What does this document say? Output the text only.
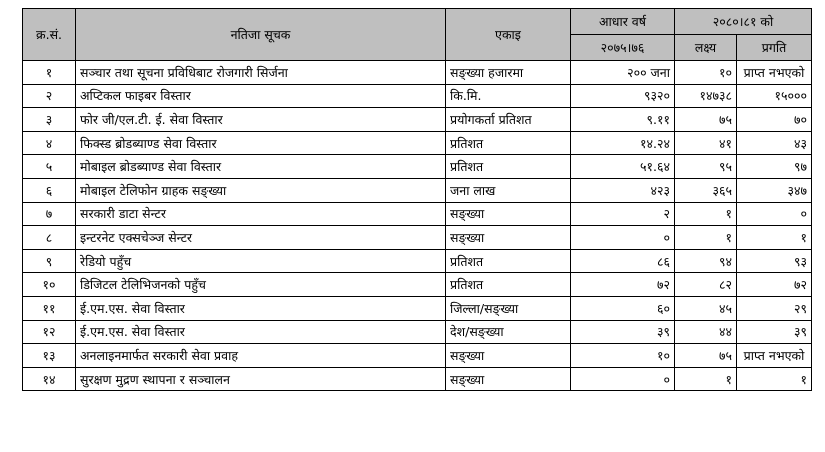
क्र.सं.	नतिजा सूचक	एकाइ	आधार वर्ष	२०८०।८१ को	
			२०७५।७६	लक्ष्य	प्रगति
१	सञ्चार तथा सूचना प्रविधिबाट रोजगारी सिर्जना	सङ्ख्या हजारमा	२०० जना	१०	प्राप्त नभएको
२	अप्टिकल फाइबर विस्तार	कि.मि.	९३२०	१४७३८	१५०००
३	फोर जी/एल.टी. ई. सेवा विस्तार	प्रयोगकर्ता प्रतिशत	९.११	७५	७०
४	फिक्स्ड ब्रोडब्याण्ड सेवा विस्तार	प्रतिशत	१४.२४	४१	४३
५	मोबाइल ब्रोडब्याण्ड सेवा विस्तार	प्रतिशत	५१.६४	९५	९७
६	मोबाइल टेलिफोन ग्राहक सङ्ख्या	जना लाख	४२३	३६५	३४७
७	सरकारी डाटा सेन्टर	सङ्ख्या	२	१	०
८	इन्टरनेट एक्सचेञ्ज सेन्टर	सङ्ख्या	०	१	१
९	रेडियो पहुँच	प्रतिशत	८६	९४	९३
१०	डिजिटल टेलिभिजनको पहुँच	प्रतिशत	७२	८२	७२
११	ई.एम.एस. सेवा विस्तार	जिल्ला/सङ्ख्या	६०	४५	२९
१२	ई.एम.एस. सेवा विस्तार	देश/सङ्ख्या	३९	४४	३९
१३	अनलाइनमार्फत सरकारी सेवा प्रवाह	सङ्ख्या	१०	७५	प्राप्त नभएको
१४	सुरक्षण मुद्रण स्थापना र सञ्चालन	सङ्ख्या	०	१	१
